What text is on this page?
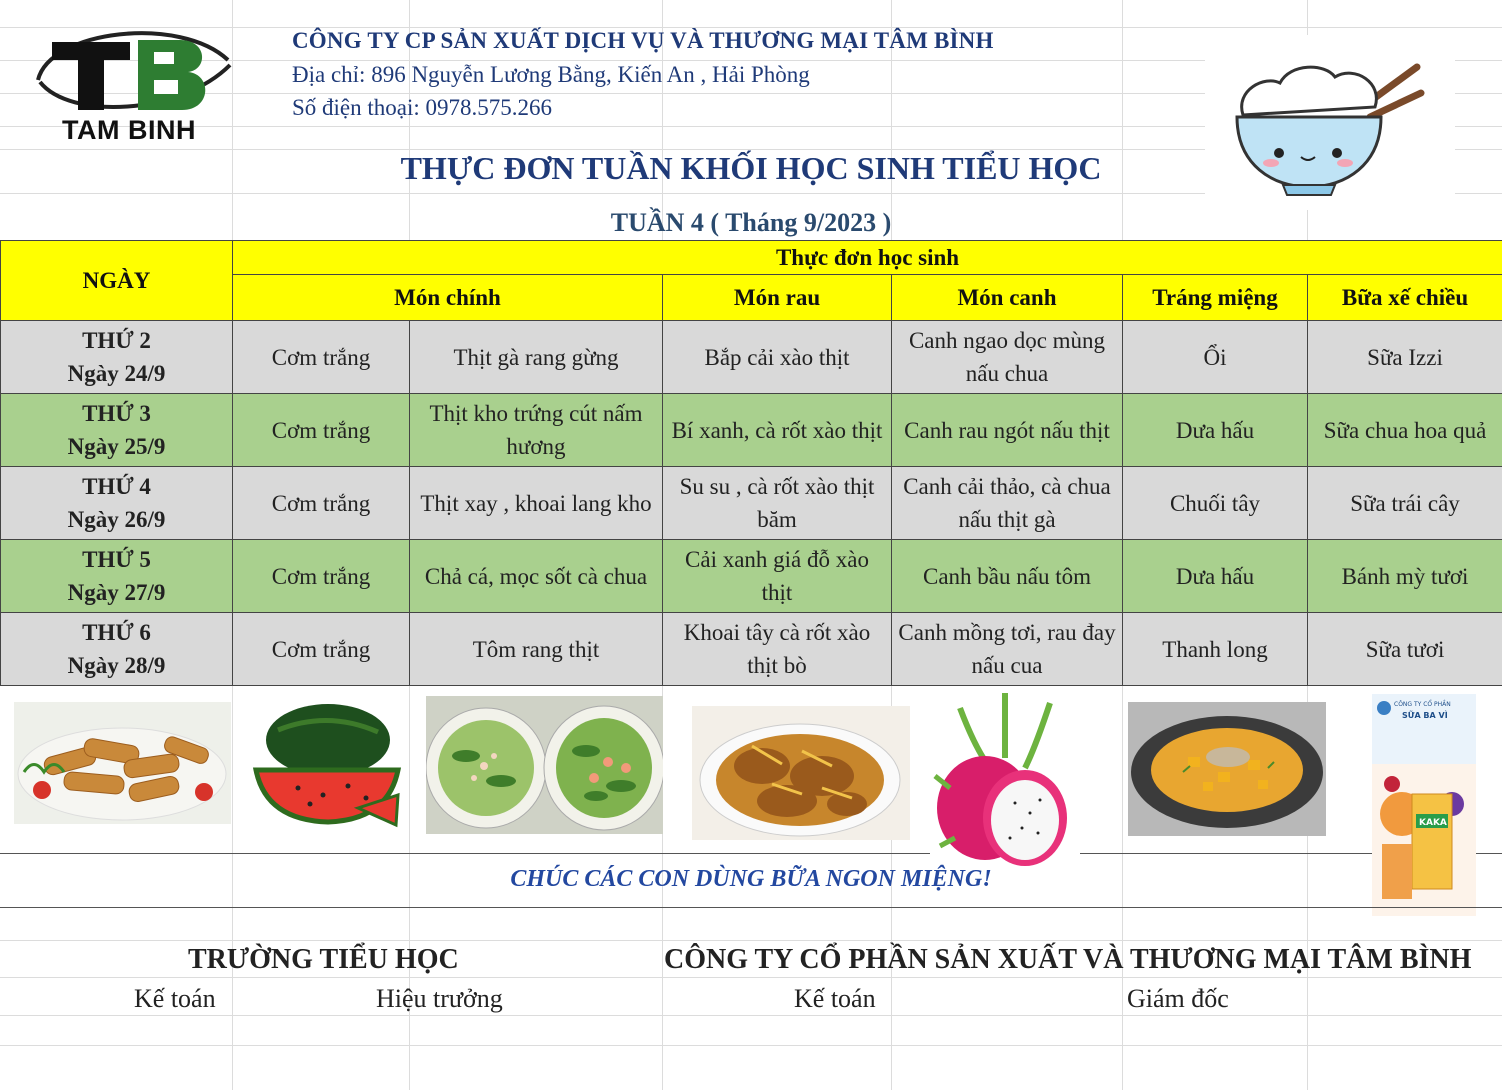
TAM BINH
CÔNG TY CP SẢN XUẤT DỊCH VỤ VÀ THƯƠNG MẠI TÂM BÌNH
Địa chỉ: 896 Nguyễn Lương Bằng, Kiến An , Hải Phòng
Số điện thoại: 0978.575.266
THỰC ĐƠN TUẦN KHỐI HỌC SINH TIỂU HỌC
TUẦN 4 ( Tháng 9/2023 )
NGÀY	Thực đơn học sinh					
	Món chính		Món rau	Món canh	Tráng miệng	Bữa xế chiều
THỨ 2
Ngày 24/9	Cơm trắng	Thịt gà rang gừng	Bắp cải xào thịt	Canh ngao dọc mùng nấu chua	Ổi	Sữa Izzi
THỨ 3
Ngày 25/9	Cơm trắng	Thịt kho trứng cút nấm hương	Bí xanh, cà rốt xào thịt	Canh rau ngót nấu thịt	Dưa hấu	Sữa chua hoa quả
THỨ 4
Ngày 26/9	Cơm trắng	Thịt xay , khoai lang kho	Su su , cà rốt xào thịt băm	Canh cải thảo, cà chua nấu thịt gà	Chuối tây	Sữa trái cây
THỨ 5
Ngày 27/9	Cơm trắng	Chả cá, mọc sốt cà chua	Cải xanh giá đỗ xào thịt	Canh bầu nấu tôm	Dưa hấu	Bánh mỳ tươi
THỨ 6
Ngày 28/9	Cơm trắng	Tôm rang thịt	Khoai tây cà rốt xào thịt bò	Canh mồng tơi, rau đay nấu cua	Thanh long	Sữa tươi
CÔNG TY CỔ PHẦN
SỮA BA VÌ
KAKA
CHÚC CÁC CON DÙNG BỮA NGON MIỆNG!
TRƯỜNG TIỂU HỌC	CÔNG TY CỔ PHẦN SẢN XUẤT VÀ THƯƠNG MẠI TÂM BÌNH
Kế toán	Hiệu trưởng	Kế toán	Giám đốc
